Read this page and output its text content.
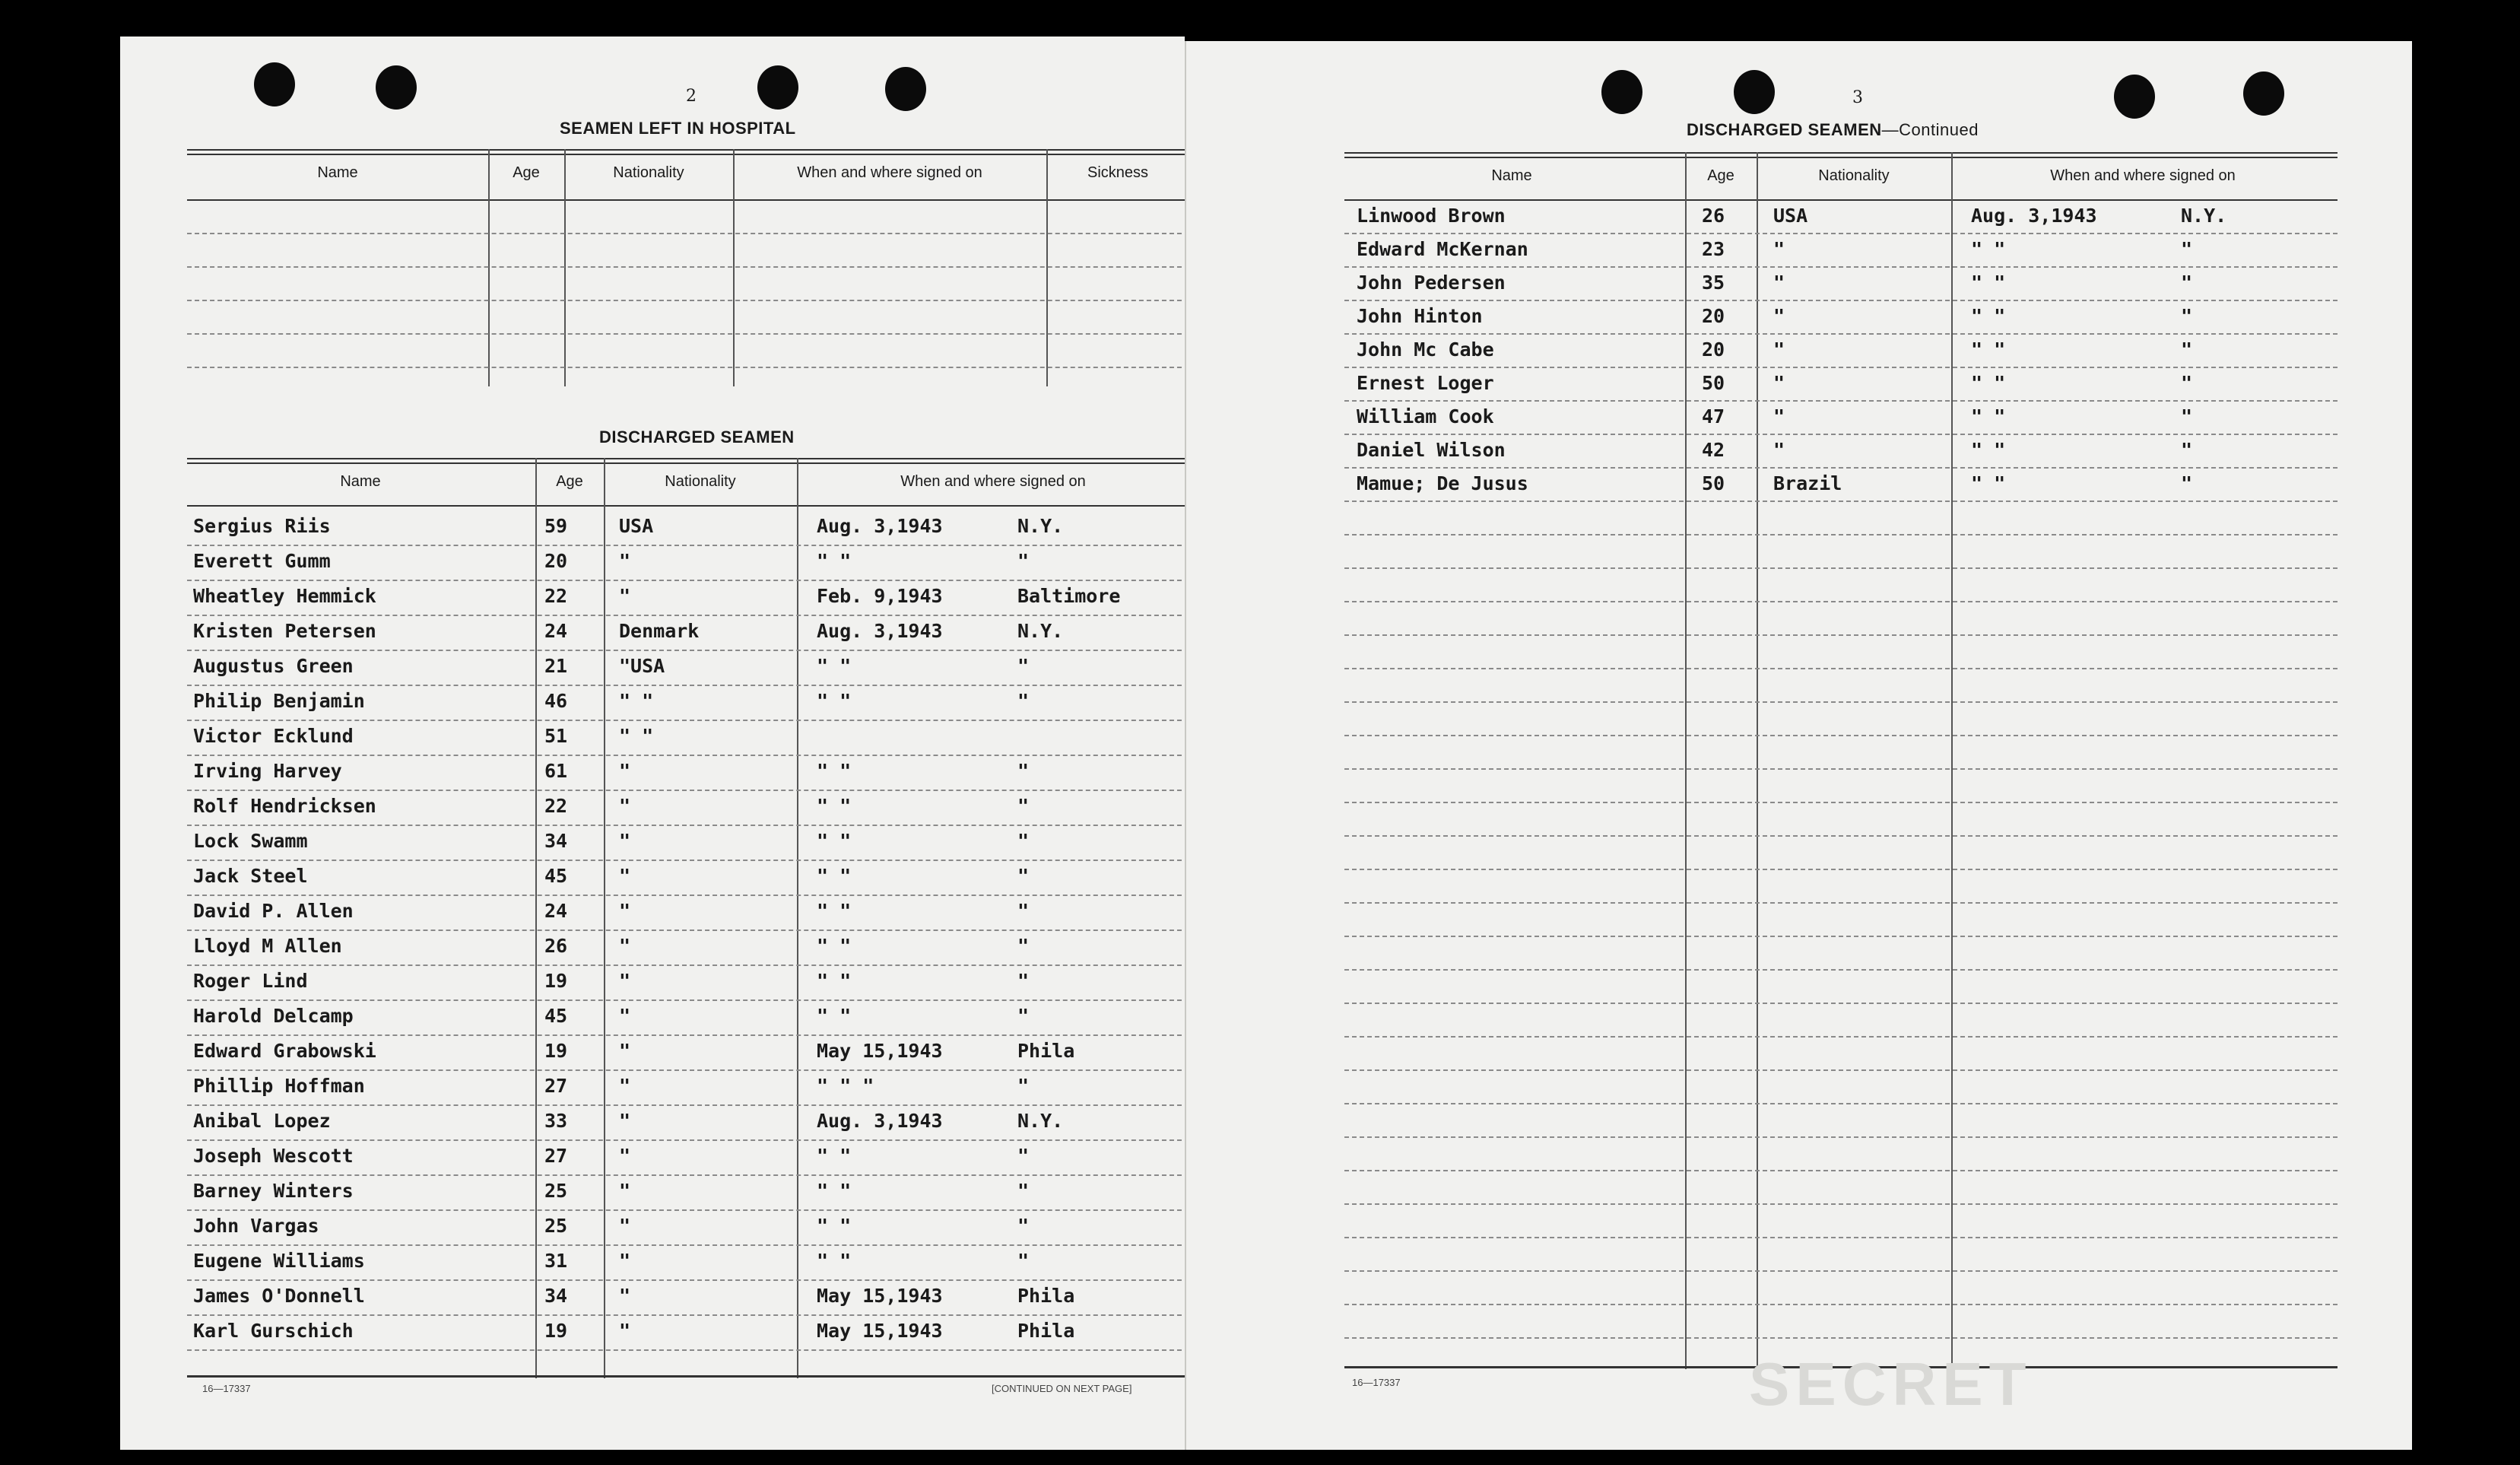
2
SEAMEN LEFT IN HOSPITAL
Name	Age	Nationality	When and where signed on	Sickness
DISCHARGED SEAMEN
Name	Age	Nationality	When and where signed on
Sergius Riis	59	USA	Aug. 3,1943	N.Y.
Everett Gumm	20	"	" "	"
Wheatley Hemmick	22	"	Feb. 9,1943	Baltimore
Kristen Petersen	24	Denmark	Aug. 3,1943	N.Y.
Augustus Green	21	"USA	" "	"
Philip Benjamin	46	" "	" "	"
Victor Ecklund	51	" "
Irving Harvey	61	"	" "	"
Rolf Hendricksen	22	"	" "	"
Lock Swamm	34	"	" "	"
Jack Steel	45	"	" "	"
David P. Allen	24	"	" "	"
Lloyd M Allen	26	"	" "	"
Roger Lind	19	"	" "	"
Harold Delcamp	45	"	" "	"
Edward Grabowski	19	"	May 15,1943	Phila
Phillip Hoffman	27	"	" " "	"
Anibal Lopez	33	"	Aug. 3,1943	N.Y.
Joseph Wescott	27	"	" "	"
Barney Winters	25	"	" "	"
John Vargas	25	"	" "	"
Eugene Williams	31	"	" "	"
James O'Donnell	34	"	May 15,1943	Phila
Karl Gurschich	19	"	May 15,1943	Phila
16—17337	[CONTINUED ON NEXT PAGE]
3
DISCHARGED SEAMEN—Continued
Name	Age	Nationality	When and where signed on
Linwood Brown	26	USA	Aug. 3,1943	N.Y.
Edward McKernan	23	"	" "	"
John Pedersen	35	"	" "	"
John Hinton	20	"	" "	"
John Mc Cabe	20	"	" "	"
Ernest Loger	50	"	" "	"
William Cook	47	"	" "	"
Daniel Wilson	42	"	" "	"
Mamue; De Jusus	50	Brazil	" "	"
16—17337	SECRET
